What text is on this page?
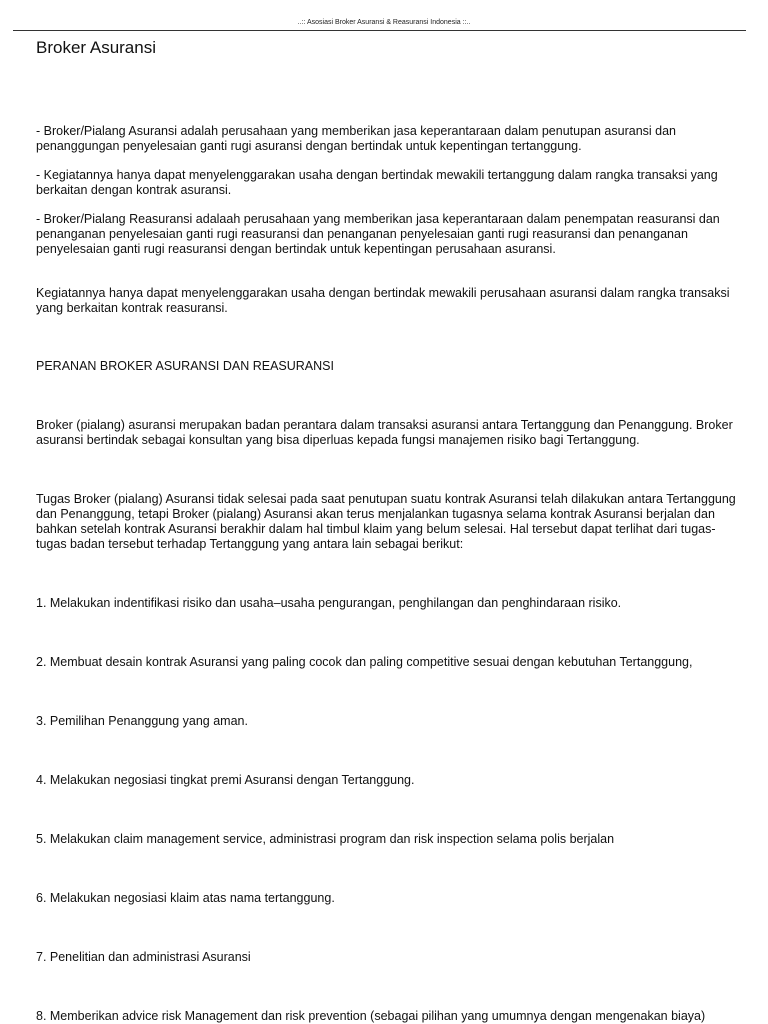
..:: Asosiasi Broker Asuransi & Reasuransi Indonesia ::..
Broker Asuransi

- Broker/Pialang Asuransi adalah perusahaan yang memberikan jasa keperantaraan dalam penutupan asuransi dan penanggungan penyelesaian ganti rugi asuransi dengan bertindak untuk kepentingan tertanggung.

- Kegiatannya hanya dapat menyelenggarakan usaha dengan bertindak mewakili tertanggung dalam rangka transaksi yang berkaitan dengan kontrak asuransi.

- Broker/Pialang Reasuransi adalaah perusahaan yang memberikan jasa keperantaraan dalam penempatan reasuransi dan penanganan penyelesaian ganti rugi reasuransi dan penanganan penyelesaian ganti rugi reasuransi dan penanganan penyelesaian ganti rugi reasuransi dengan bertindak untuk kepentingan perusahaan asuransi.

Kegiatannya hanya dapat menyelenggarakan usaha dengan bertindak mewakili perusahaan asuransi dalam rangka transaksi yang berkaitan kontrak reasuransi.

PERANAN BROKER ASURANSI DAN REASURANSI

Broker (pialang) asuransi merupakan badan perantara dalam transaksi asuransi antara Tertanggung dan Penanggung. Broker asuransi bertindak sebagai konsultan yang bisa diperluas kepada fungsi manajemen risiko bagi Tertanggung.

Tugas Broker (pialang) Asuransi tidak selesai pada saat penutupan suatu kontrak Asuransi telah dilakukan antara Tertanggung dan Penanggung, tetapi Broker (pialang) Asuransi akan terus menjalankan tugasnya selama kontrak Asuransi berjalan dan bahkan setelah kontrak Asuransi berakhir dalam hal timbul klaim yang belum selesai. Hal tersebut dapat terlihat dari tugas-tugas badan tersebut terhadap Tertanggung yang antara lain sebagai berikut:

1. Melakukan indentifikasi risiko dan usaha–usaha pengurangan, penghilangan dan penghindaraan risiko.

2. Membuat desain kontrak Asuransi yang paling cocok dan paling competitive sesuai dengan kebutuhan Tertanggung,

3. Pemilihan Penanggung yang aman.

4. Melakukan negosiasi tingkat premi Asuransi dengan Tertanggung.

5. Melakukan claim management service, administrasi program dan risk inspection selama polis berjalan

6. Melakukan negosiasi klaim atas nama tertanggung.

7. Penelitian dan administrasi Asuransi

8. Memberikan advice risk Management dan risk prevention (sebagai pilihan yang umumnya dengan mengenakan biaya)
